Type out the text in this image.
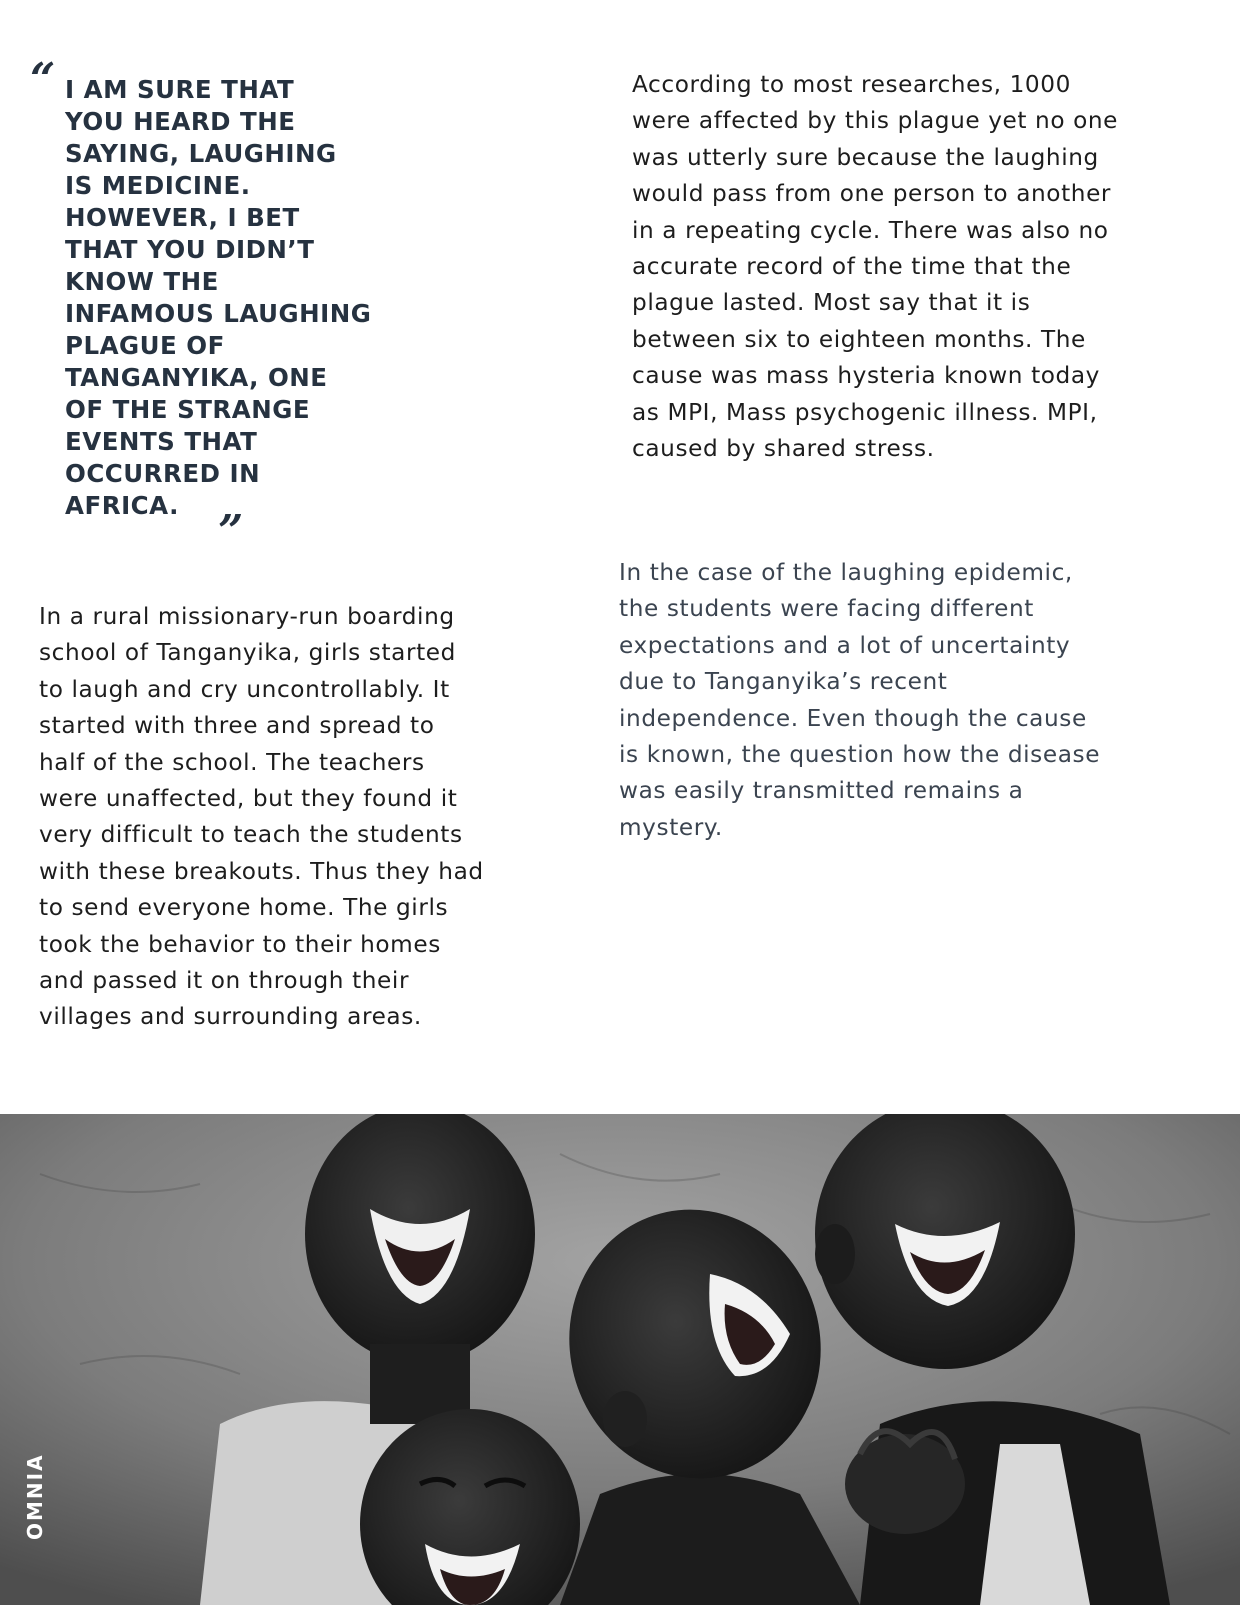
“ I AM SURE THAT
YOU HEARD THE
SAYING, LAUGHING
IS MEDICINE.
HOWEVER, I BET
THAT YOU DIDN’T
KNOW THE
INFAMOUS LAUGHING
PLAGUE OF
TANGANYIKA, ONE
OF THE STRANGE
EVENTS THAT
OCCURRED IN
AFRICA.

”

According to most researches, 1000
were affected by this plague yet no one
was utterly sure because the laughing
would pass from one person to another
in a repeating cycle. There was also no
accurate record of the time that the
plague lasted. Most say that it is
between six to eighteen months. The
cause was mass hysteria known today
as MPI, Mass psychogenic illness. MPI,
caused by shared stress.

In a rural missionary-run boarding
school of Tanganyika, girls started
to laugh and cry uncontrollably. It
started with three and spread to
half of the school. The teachers
were unaffected, but they found it
very difficult to teach the students
with these breakouts. Thus they had
to send everyone home. The girls
took the behavior to their homes
and passed it on through their
villages and surrounding areas.

In the case of the laughing epidemic,
the students were facing different
expectations and a lot of uncertainty
due to Tanganyika’s recent
independence. Even though the cause
is known, the question how the disease
was easily transmitted remains a
mystery.

OMNIA
